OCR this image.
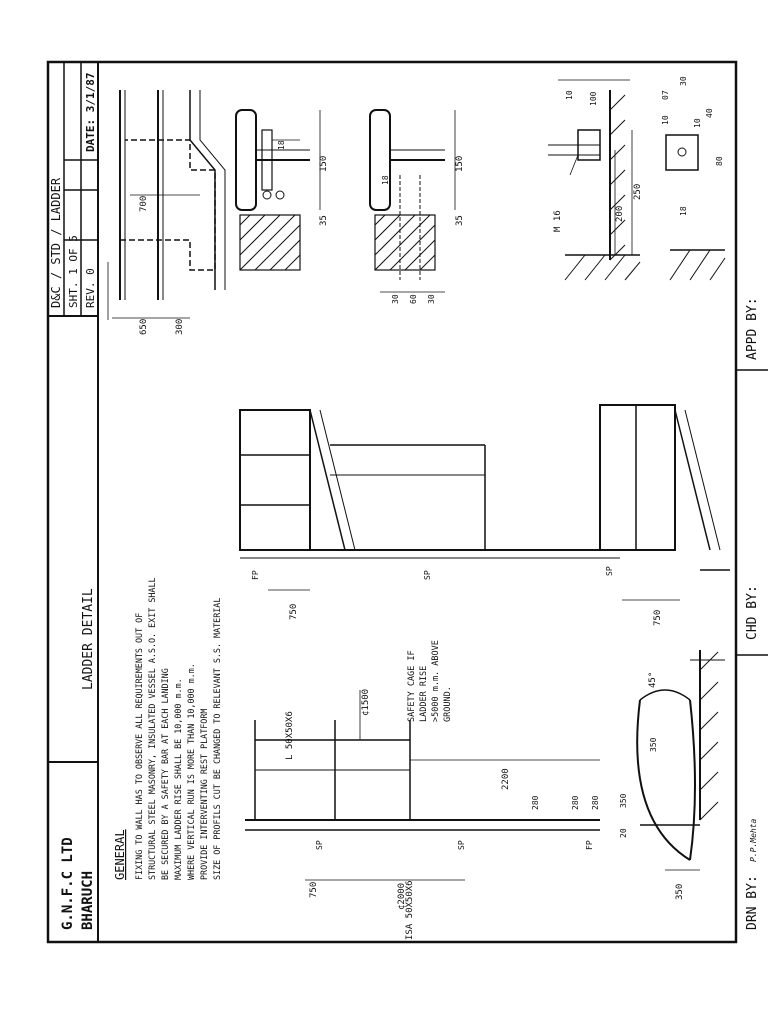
D&C / STD / LADDER SHT. 1 OF 5 REV. 0
DATE: 3/1/87
G.N.F.C LTD BHARUCH
LADDER DETAIL
DRN BY:
P.P.Mehta
CHD BY:
APPD BY:
GENERAL FIXING TO WALL HAS TO OBSERVE ALL REQUIREMENTS OUT OF STRUCTURAL STEEL MASONRY, INSULATED VESSEL A.S.O. EXIT SHALL BE SECURED BY A SAFETY BAR AT EACH LANDING MAXIMUM LADDER RISE SHALL BE 10,000 m.m. WHERE VERTICAL RUN IS MORE THAN 10,000 m.m. PROVIDE INTERVENTING REST PLATFORM SIZE OF PROFILS CUT BE CHANGED TO RELEVANT S.S. MATERIAL
700
650	300
18
150
35
18
150
35
30 60 30
10 100
M 16	200
250
30
07
10	10
40
80
18
FP	SP
750
SP
750
L 50X50X6
¢1500	SAFETY CAGE IF LADDER RISE >5000 m.m. ABOVE GROUND.
2200
280	280 280
ISA 50X50X6
SP	SP	FP
750	¢2000
45°
350
20
350
350
